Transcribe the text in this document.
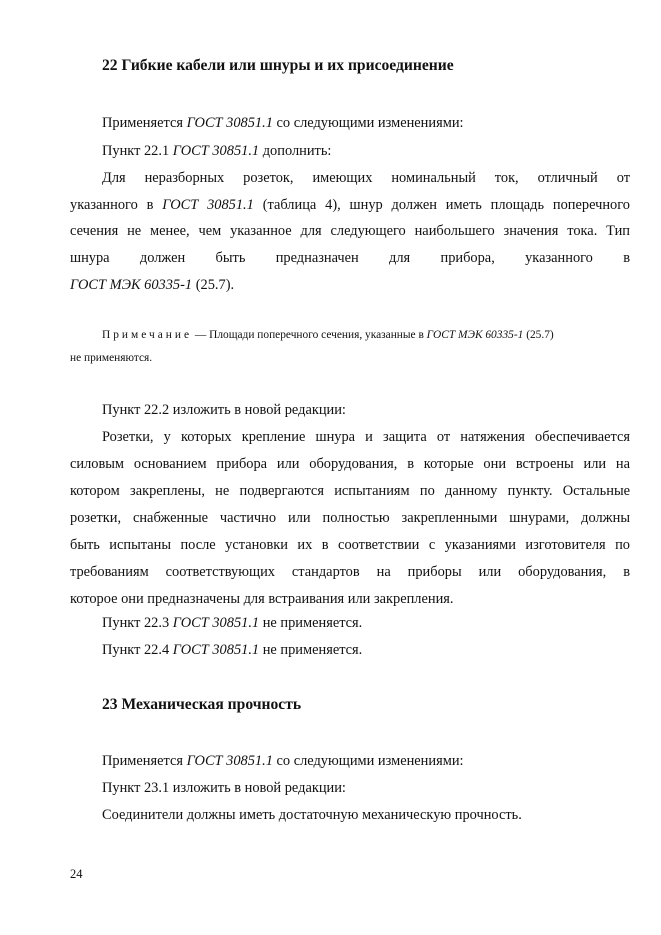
22 Гибкие кабели или шнуры и их присоединение
Применяется ГОСТ 30851.1 со следующими изменениями:
Пункт 22.1 ГОСТ 30851.1 дополнить:
Для неразборных розеток, имеющих номинальный ток, отличный от
указанного в ГОСТ 30851.1 (таблица 4), шнур должен иметь площадь поперечного
сечения не менее, чем указанное для следующего наибольшего значения тока. Тип
шнура должен быть предназначен для прибора, указанного в
ГОСТ МЭК 60335-1 (25.7).
Примечание — Площади поперечного сечения, указанные в ГОСТ МЭК 60335-1 (25.7)
не применяются.
Пункт 22.2 изложить в новой редакции:
Розетки, у которых крепление шнура и защита от натяжения обеспечивается
силовым основанием прибора или оборудования, в которые они встроены или на
котором закреплены, не подвергаются испытаниям по данному пункту. Остальные
розетки, снабженные частично или полностью закрепленными шнурами, должны
быть испытаны после установки их в соответствии с указаниями изготовителя по
требованиям соответствующих стандартов на приборы или оборудования, в
которое они предназначены для встраивания или закрепления.
Пункт 22.3 ГОСТ 30851.1 не применяется.
Пункт 22.4 ГОСТ 30851.1 не применяется.
23 Механическая прочность
Применяется ГОСТ 30851.1 со следующими изменениями:
Пункт 23.1 изложить в новой редакции:
Соединители должны иметь достаточную механическую прочность.
24
